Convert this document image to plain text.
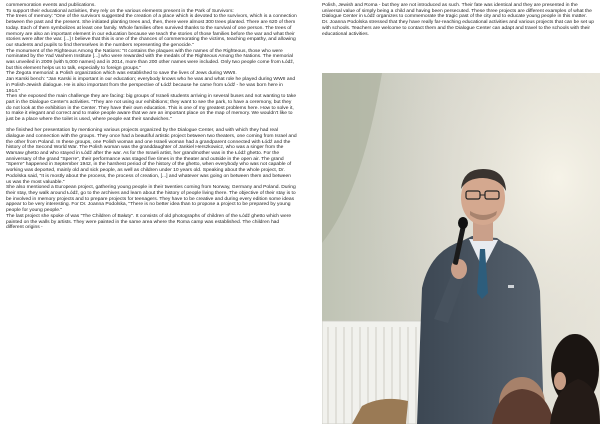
commemoration events and publications.

To support their educational activities, they rely on the various elements present in the Park of Survivors:

The trees of memory: "One of the survivors suggested the creation of a place which is devoted to the survivors, which is a connection between the past and the present. She initiated planting trees and, then, there were almost 300 trees planted. There are 620 of them today. Each of them symbolizes at least one family. Whole families often survived thanks to the survival of one person. The trees of memory are also an important element in our education because we teach the stories of those families before the war and what their stories were after the war. [...] I believe that this is one of the chances of commemorating the victims, teaching empathy, and allowing our students and pupils to find themselves in the numbers representing the genocide."

The monument of the Righteous Among the Nations: "It contains the plaques with the names of the Righteous, those who were nominated by the Yad Vashem Institute [...] who were rewarded with the medals of the Righteous Among the Nations. The memorial was unveiled in 2009 (with 5,000 names) and in 2014, more than 200 other names were included. Only two people come from Łódź, but this element helps us to talk, especially to foreign groups."

The Żegota memorial: a Polish organization which was established to save the lives of Jews during WWII.

Jan Karski bench: "Jan Karski is important in our education; everybody knows who he was and what role he played during WWII and in Polish-Jewish dialogue. He is also important from the perspective of Łódź because he came from Łódź - he was born here in 1914."

Then she exposed the main challenge they are facing: big groups of Israeli students arriving in several buses and not wanting to take part in the Dialogue Center's activities. "They are not using our exhibitions; they want to see the park, to have a ceremony, but they do not look at the exhibition in the Center. They have their own education. This is one of my greatest problems here. How to solve it, to make it elegant and correct and to make people aware that we are an important place on the map of memory. We wouldn't like to just be a place where the toilet is used, where people eat their sandwiches."

She finished her presentation by mentioning various projects organized by the Dialogue Center, and with which they had real dialogue and connection with the groups. They once had a beautiful artistic project between two theaters, one coming from Israel and the other from Poland. In these groups, one Polish woman and one Israeli woman had a grandparent connected with Łódź and the history of the Second World War. The Polish woman was the granddaughter of Jankiel Herszkowicz, who was a singer from the Warsaw ghetto and who stayed in Łódź after the war. As for the Israeli artist, her grandmother was in the Łódź ghetto. For the anniversary of the grand "Sperre", their performance was staged five times in the theater and outside in the open air. The grand "Sperre" happened in September 1942, in the harshest period of the history of the ghetto, when everybody who was not capable of working was deported, mainly old and sick people, as well as children under 10 years old. Speaking about the whole project, Dr. Podolska said, "It is mostly about the process, the process of creation, [...] and whatever was going on between them and between us was the most valuable."

She also mentioned a European project, gathering young people in their twenties coming from Norway, Germany and Poland. During their stay, they walk around Łódź, go to the archives and learn about the history of people living there. The objective of their stay is to be involved in memory projects and to prepare projects for teenagers. They have to be creative and during every edition some ideas appear to be very interesting. For Dr. Joanna Podolska, "There is no better idea than to propose a project to be prepared by young people for young people."

The last project she spoke of was "The Children of Bałuty". It consists of old photographs of children of the Łódź ghetto which were painted on the walls by artists. They were painted in the same area where the Roma camp was established. The children had different origins -

Polish, Jewish and Roma - but they are not introduced as such. Their fate was identical and they are presented in the universal value of simply being a child and having been persecuted. These three projects are different examples of what the Dialogue Center in Łódź organizes to commemorate the tragic past of the city and to educate young people in this matter. Dr. Joanna Podolska stressed that they have really far-reaching educational activities and various projects that can be set up with schools. Teachers are welcome to contact them and the Dialogue Center can adapt and travel to the schools with their educational activities.
